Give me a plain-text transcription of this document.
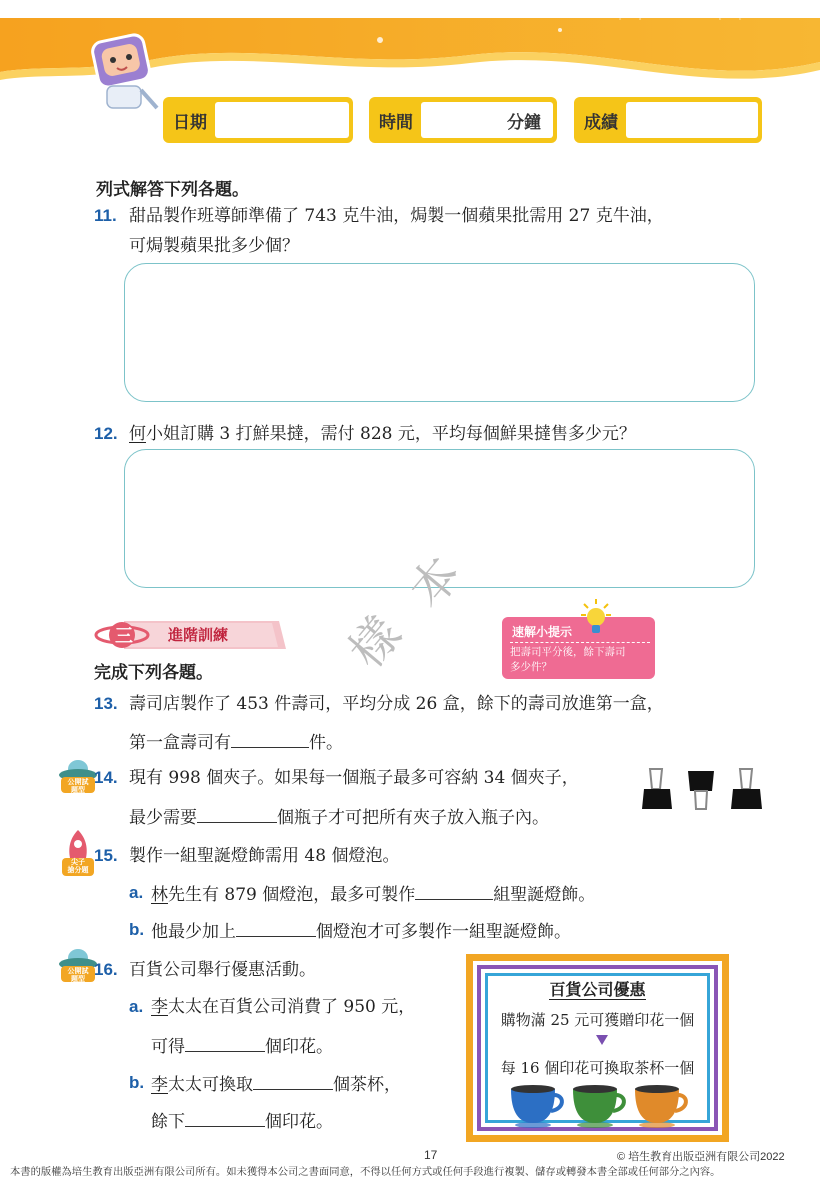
日期	時間	分鐘	成績
列式解答下列各題。
11. 甜品製作班導師準備了 743 克牛油，焗製一個蘋果批需用 27 克牛油，
可焗製蘋果批多少個？
12. 何小姐訂購 3 打鮮果撻，需付 828 元，平均每個鮮果撻售多少元？
樣
本
三 進階訓練
完成下列各題。
速解小提示
把壽司平分後，餘下壽司
多少件？
13. 壽司店製作了 453 件壽司，平均分成 26 盒，餘下的壽司放進第一盒，
第一盒壽司有	件。
公開試
題型
14. 現有 998 個夾子。如果每一個瓶子最多可容納 34 個夾子，
最少需要	個瓶子才可把所有夾子放入瓶子內。
尖子
搶分題
15. 製作一組聖誕燈飾需用 48 個燈泡。
a. 林先生有 879 個燈泡，最多可製作	組聖誕燈飾。
b. 他最少加上	個燈泡才可多製作一組聖誕燈飾。
公開試
題型
16. 百貨公司舉行優惠活動。
a. 李太太在百貨公司消費了 950 元，
可得	個印花。
b. 李太太可換取	個茶杯，
餘下	個印花。
百貨公司優惠
購物滿 25 元可獲贈印花一個
每 16 個印花可換取茶杯一個
17	© 培生教育出版亞洲有限公司2022
本書的版權為培生教育出版亞洲有限公司所有。如未獲得本公司之書面同意，不得以任何方式或任何手段進行複製、儲存或轉發本書全部或任何部分之內容。
